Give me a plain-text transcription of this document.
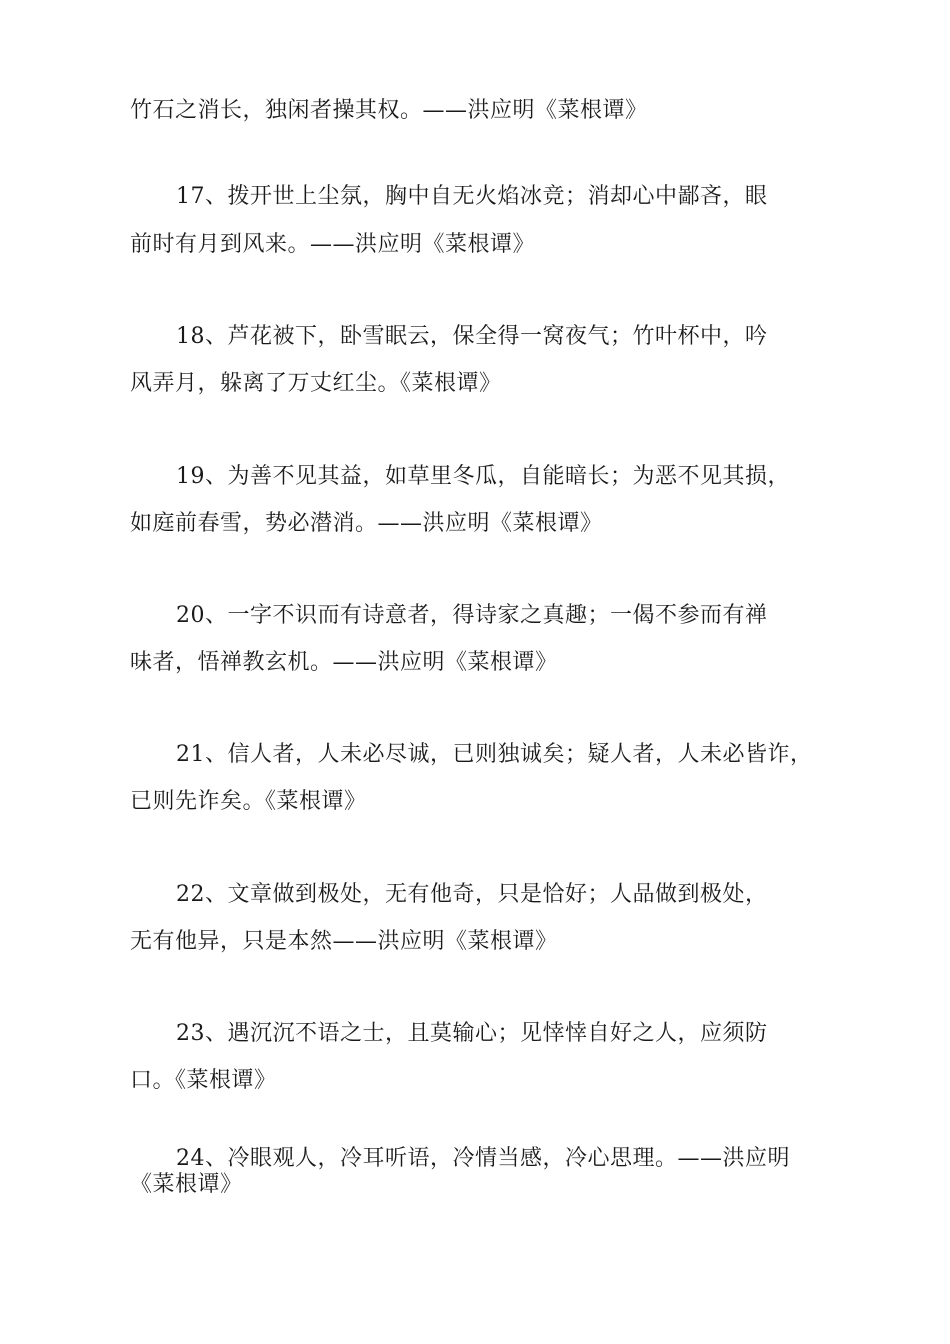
竹石之消长，独闲者操其权。——洪应明《菜根谭》

17、拨开世上尘氛，胸中自无火焰冰竞；消却心中鄙吝，眼

前时有月到风来。——洪应明《菜根谭》

18、芦花被下，卧雪眠云，保全得一窝夜气；竹叶杯中，吟

风弄月，躲离了万丈红尘。《菜根谭》

19、为善不见其益，如草里冬瓜，自能暗长；为恶不见其损，

如庭前春雪，势必潜消。——洪应明《菜根谭》

20、一字不识而有诗意者，得诗家之真趣；一偈不参而有禅

味者，悟禅教玄机。——洪应明《菜根谭》

21、信人者，人未必尽诚，已则独诚矣；疑人者，人未必皆诈，

已则先诈矣。《菜根谭》

22、文章做到极处，无有他奇，只是恰好；人品做到极处，

无有他异，只是本然——洪应明《菜根谭》

23、遇沉沉不语之士，且莫输心；见悻悻自好之人，应须防

口。《菜根谭》

24、冷眼观人，冷耳听语，冷情当感，冷心思理。——洪应明

《菜根谭》
